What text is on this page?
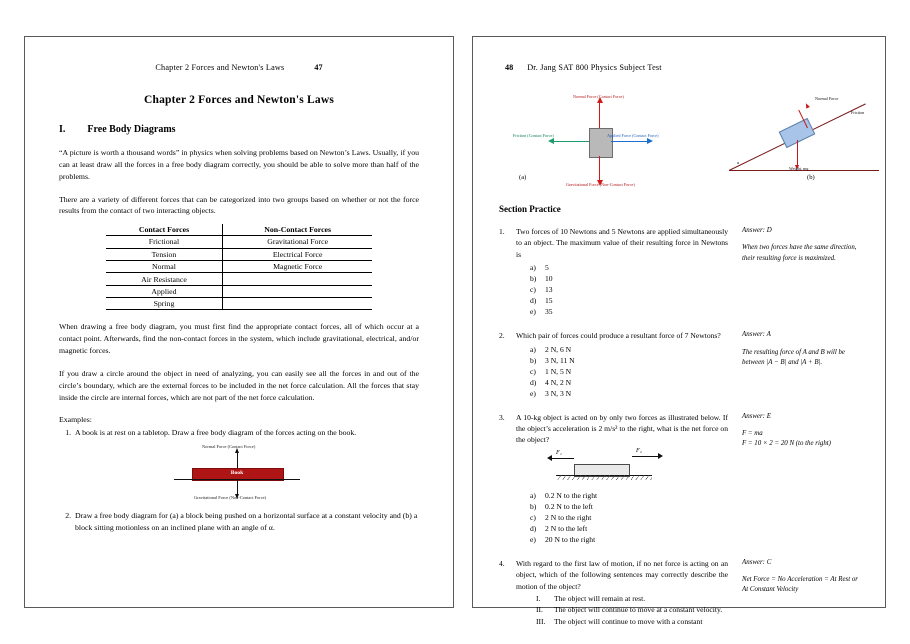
Chapter 2 Forces and Newton's Laws	47
Chapter 2 Forces and Newton's Laws
I. Free Body Diagrams

“A picture is worth a thousand words” in physics when solving problems based on Newton’s Laws. Usually, if you can at least draw all the forces in a free body diagram correctly, you should be able to solve more than half of the problems.

There are a variety of different forces that can be categorized into two groups based on whether or not the force results from the contact of two interacting objects.

Contact Forces	Non-Contact Forces
Frictional	Gravitational Force
Tension	Electrical Force
Normal	Magnetic Force
Air Resistance	
Applied	
Spring	

When drawing a free body diagram, you must first find the appropriate contact forces, all of which occur at a contact point. Afterwards, find the non-contact forces in the system, which include gravitational, electrical, and/or magnetic forces.

If you draw a circle around the object in need of analyzing, you can easily see all the forces in and out of the circle’s boundary, which are the external forces to be included in the net force calculation. All the forces that stay inside the circle are internal forces, which are not part of the net force calculation.

Examples:

1. A book is at rest on a tabletop. Draw a free body diagram of the forces acting on the book.
Normal Force (Contact Force)
Book
Gravitational Force (Non-Contact Force)
2. Draw a free body diagram for (a) a block being pushed on a horizontal surface at a constant velocity and (b) a block sitting motionless on an inclined plane with an angle of α.
48 Dr. Jang SAT 800 Physics Subject Test
Normal Force (Contact Force)
Friction (Contact Force)	Applied Force (Contact Force)
Gravitational Force (Non-Contact Force)
(a)
Normal Force
Friction
Weight, mg
α
(b)
Section Practice
1.	Two forces of 10 Newtons and 5 Newtons are applied simultaneously to an object. The maximum value of their resulting force in Newtons is
a)	5
b)	10
c)	13
d)	15
e)	35
Answer: D
When two forces have the same direction, their resulting force is maximized.
2.	Which pair of forces could produce a resultant force of 7 Newtons?
a)	2 N, 6 N
b)	3 N, 11 N
c)	1 N, 5 N
d)	4 N, 2 N
e)	3 N, 3 N
Answer: A
The resulting force of A and B will be between |A − B| and |A + B|.
3.	A 10-kg object is acted on by only two forces as illustrated below. If the object’s acceleration is 2 m/s² to the right, what is the net force on the object?
F₁	F₂
a)	0.2 N to the right
b)	0.2 N to the left
c)	2 N to the right
d)	2 N to the left
e)	20 N to the right
Answer: E
F = ma
F = 10 × 2 = 20 N (to the right)
4.	With regard to the first law of motion, if no net force is acting on an object, which of the following sentences may correctly describe the motion of the object?
I.	The object will remain at rest.
II.	The object will continue to move at a constant velocity.
III.	The object will continue to move with a constant
Answer: C
Net Force = No Acceleration = At Rest or At Constant Velocity
